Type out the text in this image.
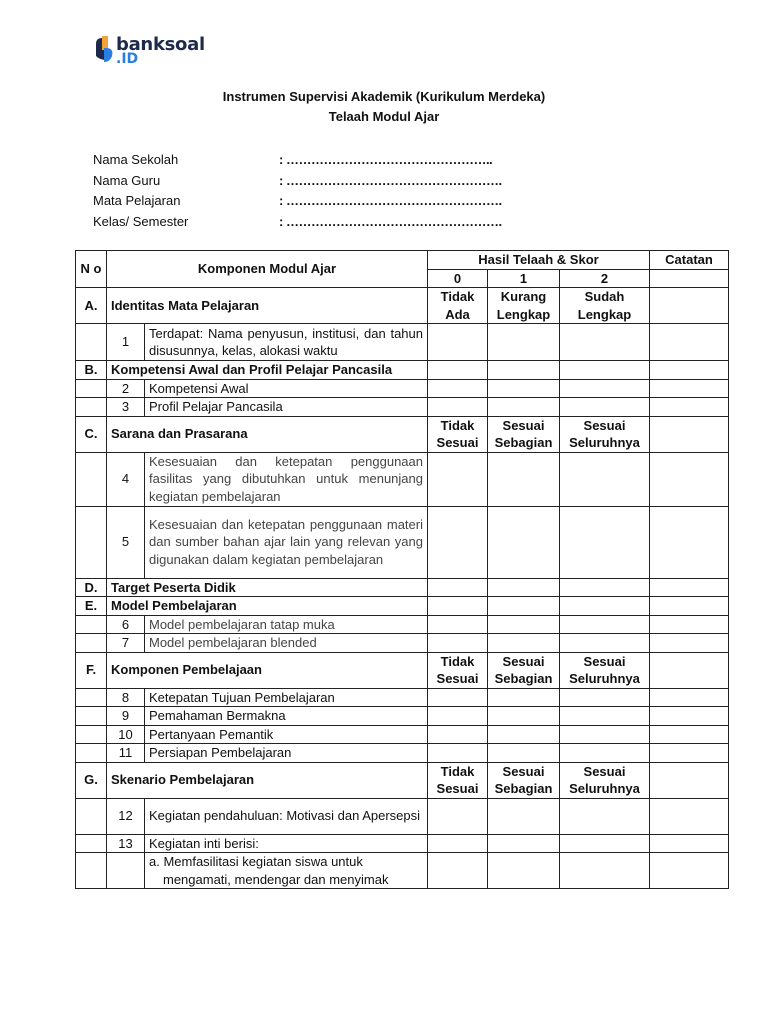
banksoal
.ID
Instrumen Supervisi Akademik (Kurikulum Merdeka)
Telaah Modul Ajar
Nama Sekolah	: …………………………………………..
Nama Guru	: …………………………………………….
Mata Pelajaran	: …………………………………………….
Kelas/ Semester	: …………………………………………….
N o	Komponen Modul Ajar		Hasil Telaah & Skor			Catatan
			0	1	2	
A.	Identitas Mata Pelajaran		Tidak Ada	Kurang Lengkap	Sudah Lengkap	
	1	Terdapat: Nama penyusun, institusi, dan tahun disusunnya, kelas, alokasi waktu				
B.	Kompetensi Awal dan Profil Pelajar Pancasila					
	2	Kompetensi Awal				
	3	Profil Pelajar Pancasila				
C.	Sarana dan Prasarana		Tidak Sesuai	Sesuai Sebagian	Sesuai Seluruhnya	
	4	Kesesuaian dan ketepatan penggunaan fasilitas yang dibutuhkan untuk menunjang kegiatan pembelajaran				
	5	Kesesuaian dan ketepatan penggunaan materi dan sumber bahan ajar lain yang relevan yang digunakan dalam kegiatan pembelajaran				
D.	Target Peserta Didik					
E.	Model Pembelajaran					
	6	Model pembelajaran tatap muka				
	7	Model pembelajaran blended				
F.	Komponen Pembelajaan		Tidak Sesuai	Sesuai Sebagian	Sesuai Seluruhnya	
	8	Ketepatan Tujuan Pembelajaran				
	9	Pemahaman Bermakna				
	10	Pertanyaan Pemantik				
	11	Persiapan Pembelajaran				
G.	Skenario Pembelajaran		Tidak Sesuai	Sesuai Sebagian	Sesuai Seluruhnya	
	12	Kegiatan pendahuluan: Motivasi dan Apersepsi				
	13	Kegiatan inti berisi:				

		a. Memfasilitasi kegiatan siswa untuk
mengamati, mendengar dan menyimak				
